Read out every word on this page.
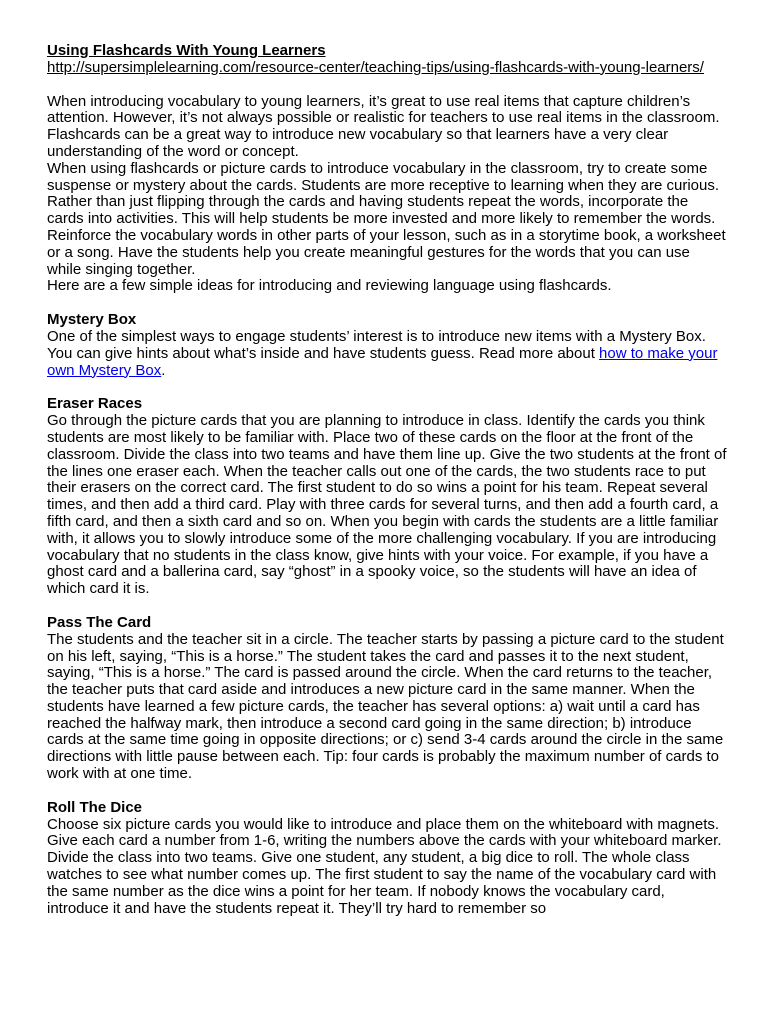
Using Flashcards With Young Learners

http://supersimplelearning.com/resource-center/teaching-tips/using-flashcards-with-young-learners/

When introducing vocabulary to young learners, it’s great to use real items that capture children’s attention. However, it’s not always possible or realistic for teachers to use real items in the classroom. Flashcards can be a great way to introduce new vocabulary so that learners have a very clear understanding of the word or concept.

When using flashcards or picture cards to introduce vocabulary in the classroom, try to create some suspense or mystery about the cards. Students are more receptive to learning when they are curious. Rather than just flipping through the cards and having students repeat the words, incorporate the cards into activities. This will help students be more invested and more likely to remember the words.

Reinforce the vocabulary words in other parts of your lesson, such as in a storytime book, a worksheet or a song. Have the students help you create meaningful gestures for the words that you can use while singing together.

Here are a few simple ideas for introducing and reviewing language using flashcards.

Mystery Box

One of the simplest ways to engage students’ interest is to introduce new items with a Mystery Box. You can give hints about what’s inside and have students guess. Read more about how to make your own Mystery Box.

Eraser Races

Go through the picture cards that you are planning to introduce in class. Identify the cards you think students are most likely to be familiar with. Place two of these cards on the floor at the front of the classroom. Divide the class into two teams and have them line up. Give the two students at the front of the lines one eraser each. When the teacher calls out one of the cards, the two students race to put their erasers on the correct card. The first student to do so wins a point for his team. Repeat several times, and then add a third card. Play with three cards for several turns, and then add a fourth card, a fifth card, and then a sixth card and so on. When you begin with cards the students are a little familiar with, it allows you to slowly introduce some of the more challenging vocabulary. If you are introducing vocabulary that no students in the class know, give hints with your voice. For example, if you have a ghost card and a ballerina card, say “ghost” in a spooky voice, so the students will have an idea of which card it is.

Pass The Card

The students and the teacher sit in a circle. The teacher starts by passing a picture card to the student on his left, saying, “This is a horse.” The student takes the card and passes it to the next student, saying, “This is a horse.” The card is passed around the circle. When the card returns to the teacher, the teacher puts that card aside and introduces a new picture card in the same manner. When the students have learned a few picture cards, the teacher has several options: a) wait until a card has reached the halfway mark, then introduce a second card going in the same direction; b) introduce cards at the same time going in opposite directions; or c) send 3-4 cards around the circle in the same directions with little pause between each. Tip: four cards is probably the maximum number of cards to work with at one time.

Roll The Dice

Choose six picture cards you would like to introduce and place them on the whiteboard with magnets. Give each card a number from 1-6, writing the numbers above the cards with your whiteboard marker. Divide the class into two teams. Give one student, any student, a big dice to roll. The whole class watches to see what number comes up. The first student to say the name of the vocabulary card with the same number as the dice wins a point for her team. If nobody knows the vocabulary card, introduce it and have the students repeat it. They’ll try hard to remember so
